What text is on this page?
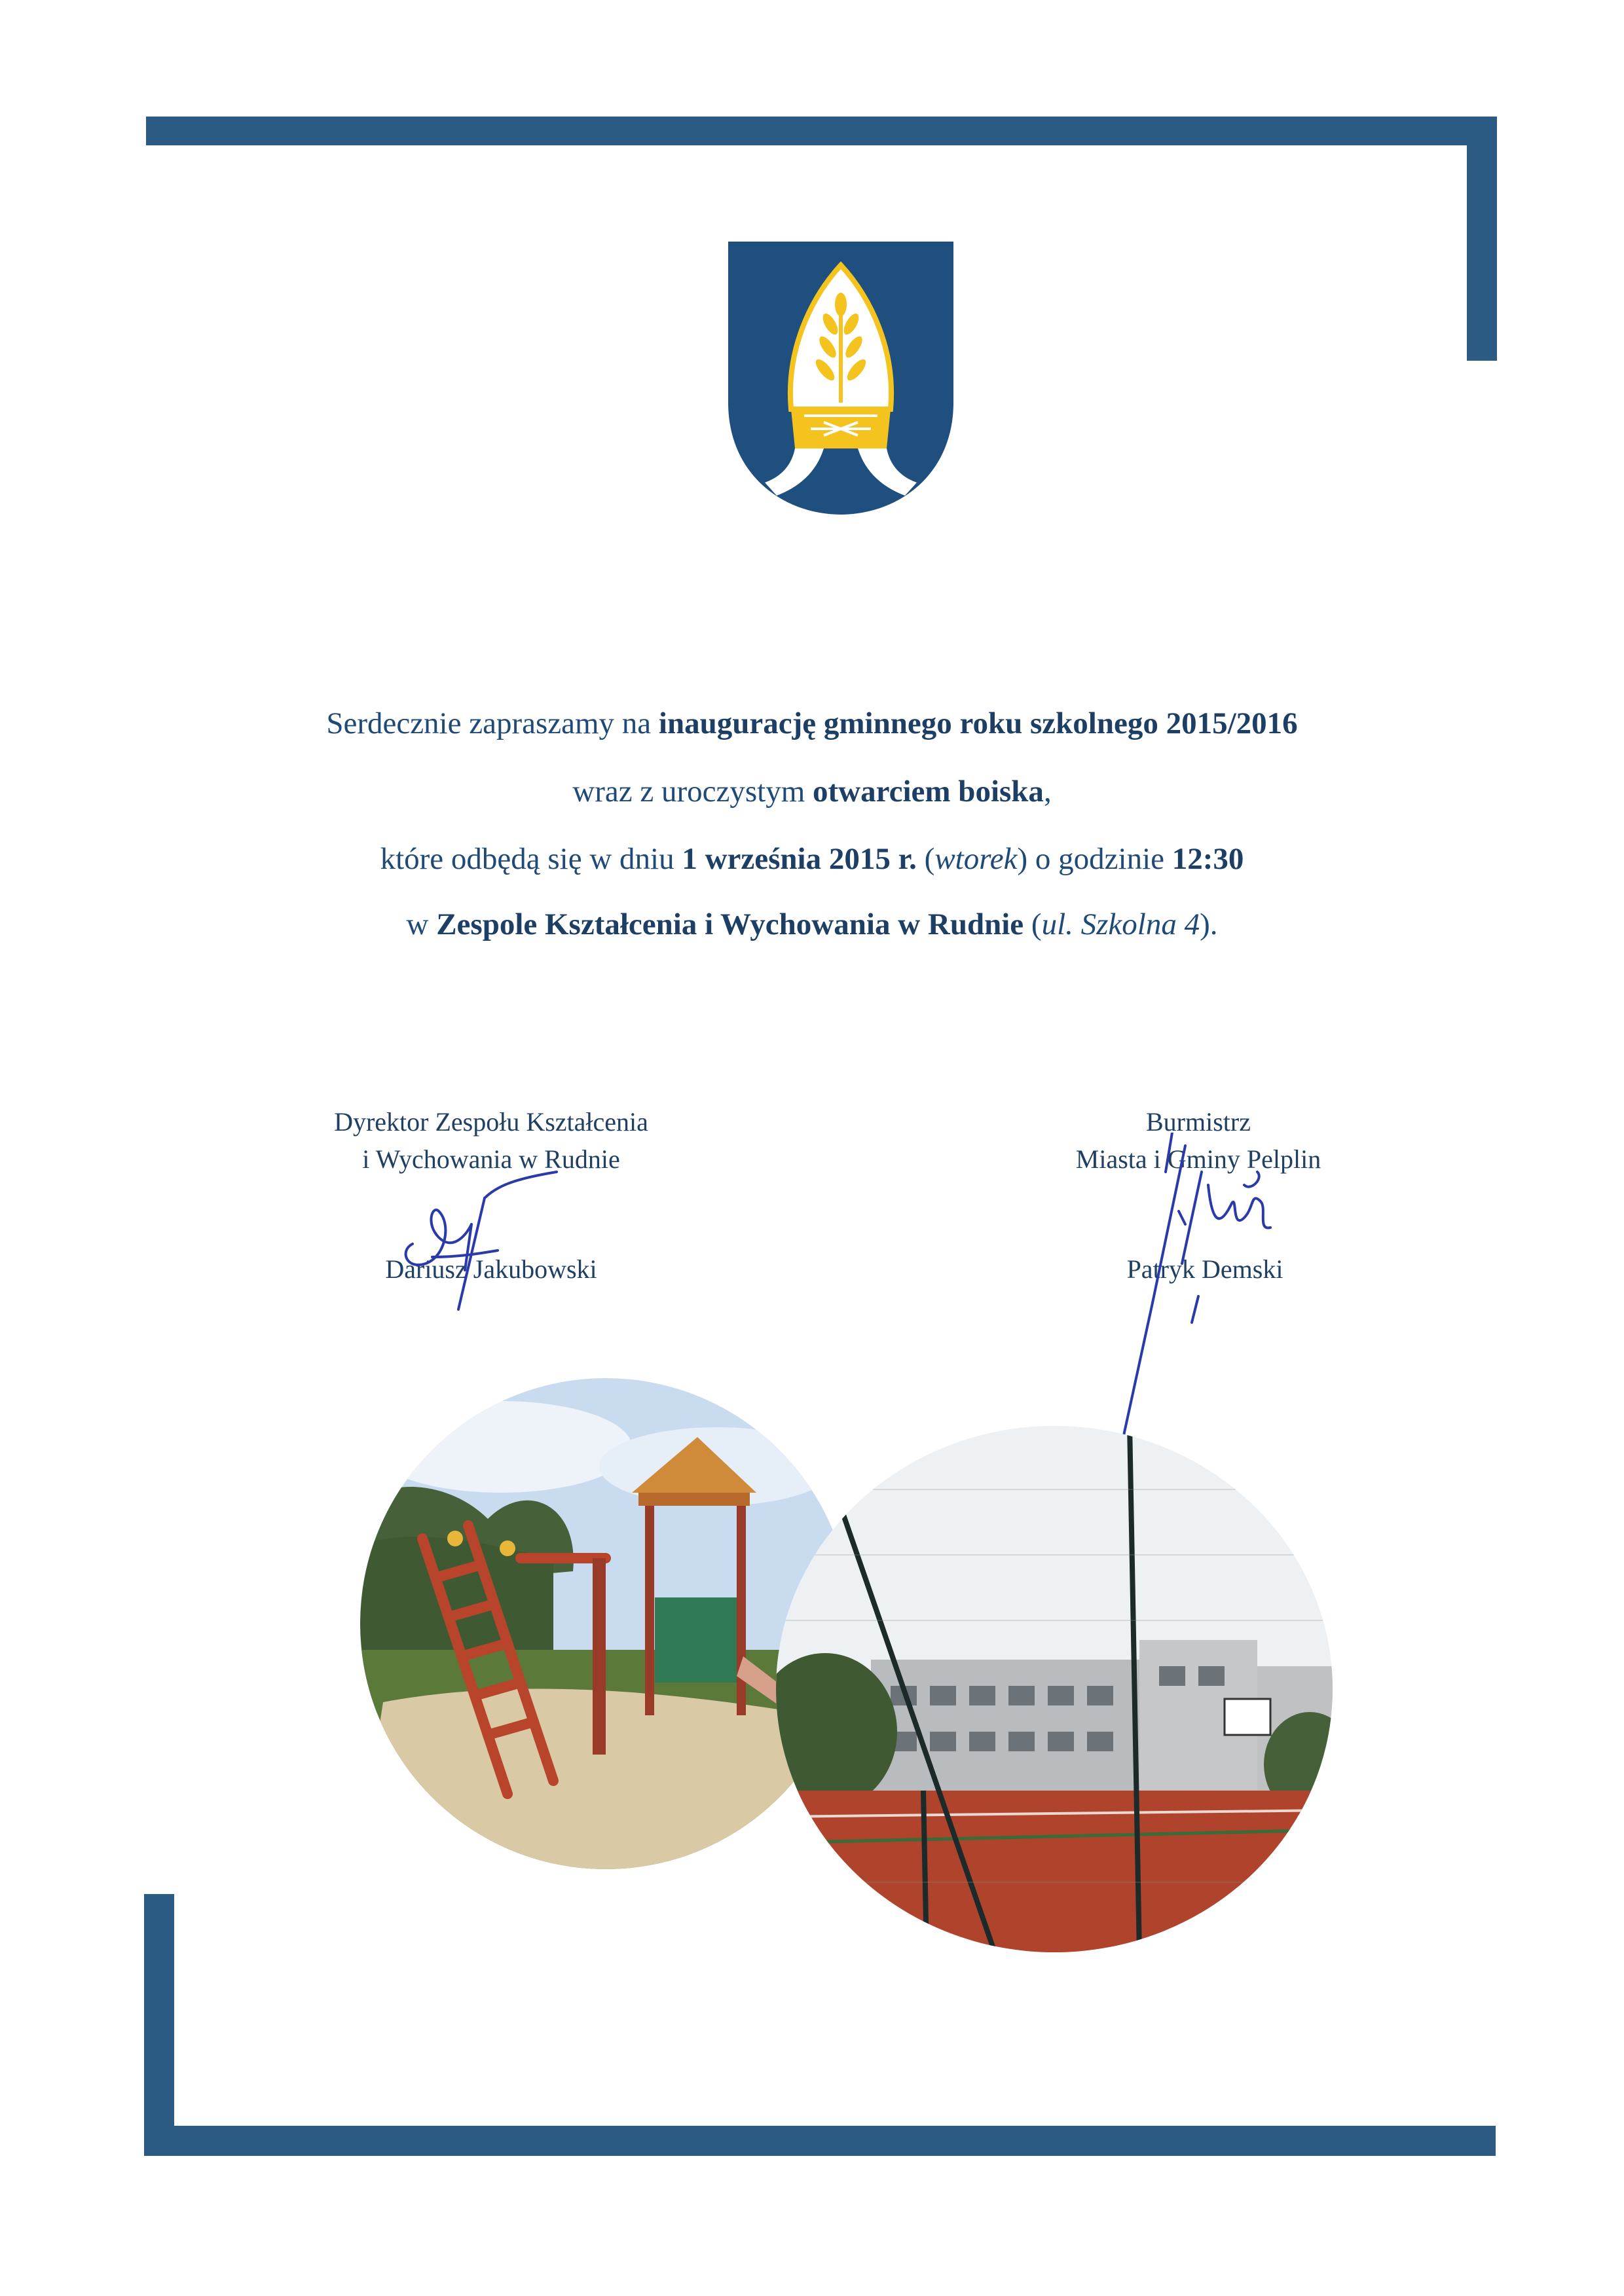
Serdecznie zapraszamy na inaugurację gminnego roku szkolnego 2015/2016
wraz z uroczystym otwarciem boiska,
które odbędą się w dniu 1 września 2015 r. (wtorek) o godzinie 12:30
w Zespole Kształcenia i Wychowania w Rudnie (ul. Szkolna 4).
Dyrektor Zespołu Kształcenia
i Wychowania w Rudnie
Dariusz Jakubowski
Burmistrz
Miasta i Gminy Pelplin
Patryk Demski
